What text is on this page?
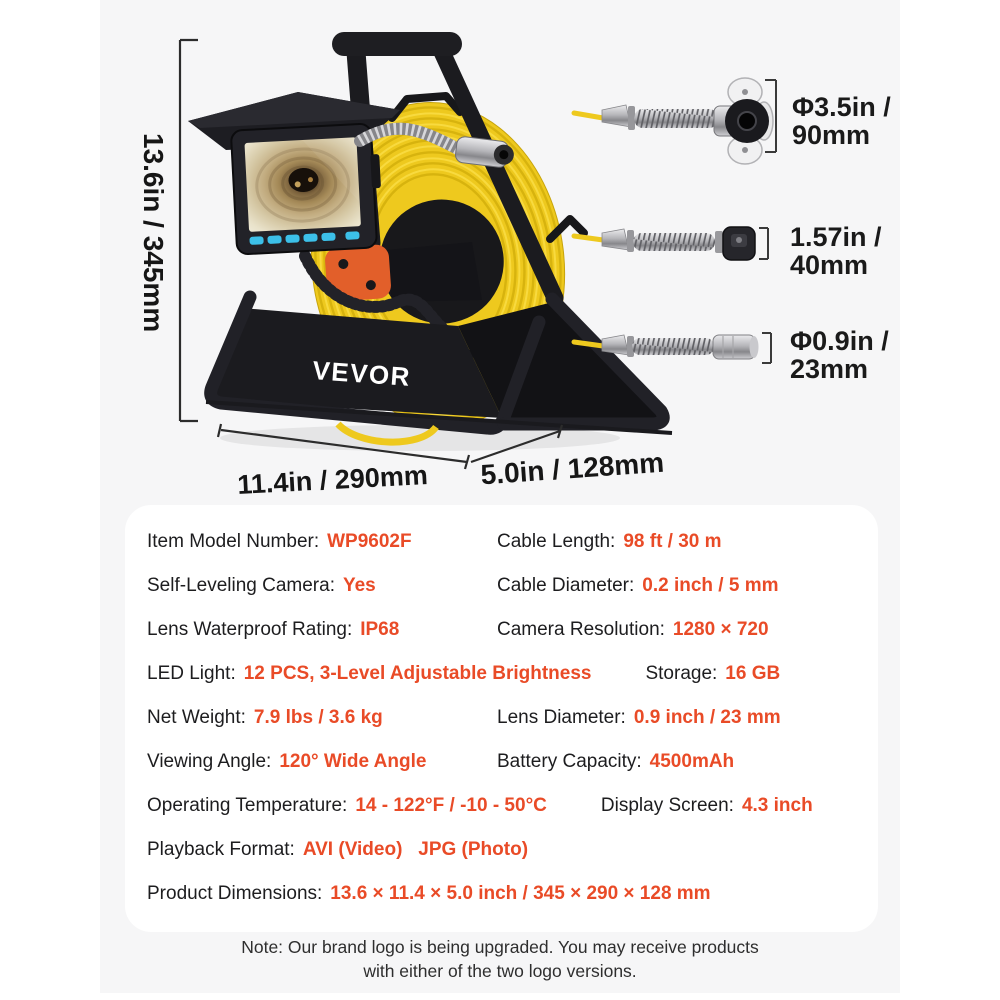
VEVOR
13.6in / 345mm
11.4in / 290mm 5.0in / 128mm
Φ3.5in /
90mm
1.57in /
40mm
Φ0.9in /
23mm
Item Model Number: WP9602F	Cable Length: 98 ft / 30 m
Self-Leveling Camera: Yes	Cable Diameter: 0.2 inch / 5 mm
Lens Waterproof Rating: IP68	Camera Resolution: 1280 × 720
LED Light: 12 PCS, 3-Level Adjustable Brightness	Storage: 16 GB
Net Weight: 7.9 lbs / 3.6 kg	Lens Diameter: 0.9 inch / 23 mm
Viewing Angle: 120° Wide Angle	Battery Capacity: 4500mAh
Operating Temperature: 14 - 122°F / -10 - 50°C	Display Screen: 4.3 inch
Playback Format: AVI (Video)   JPG (Photo)
Product Dimensions: 13.6 × 11.4 × 5.0 inch / 345 × 290 × 128 mm
Note: Our brand logo is being upgraded. You may receive products
with either of the two logo versions.
